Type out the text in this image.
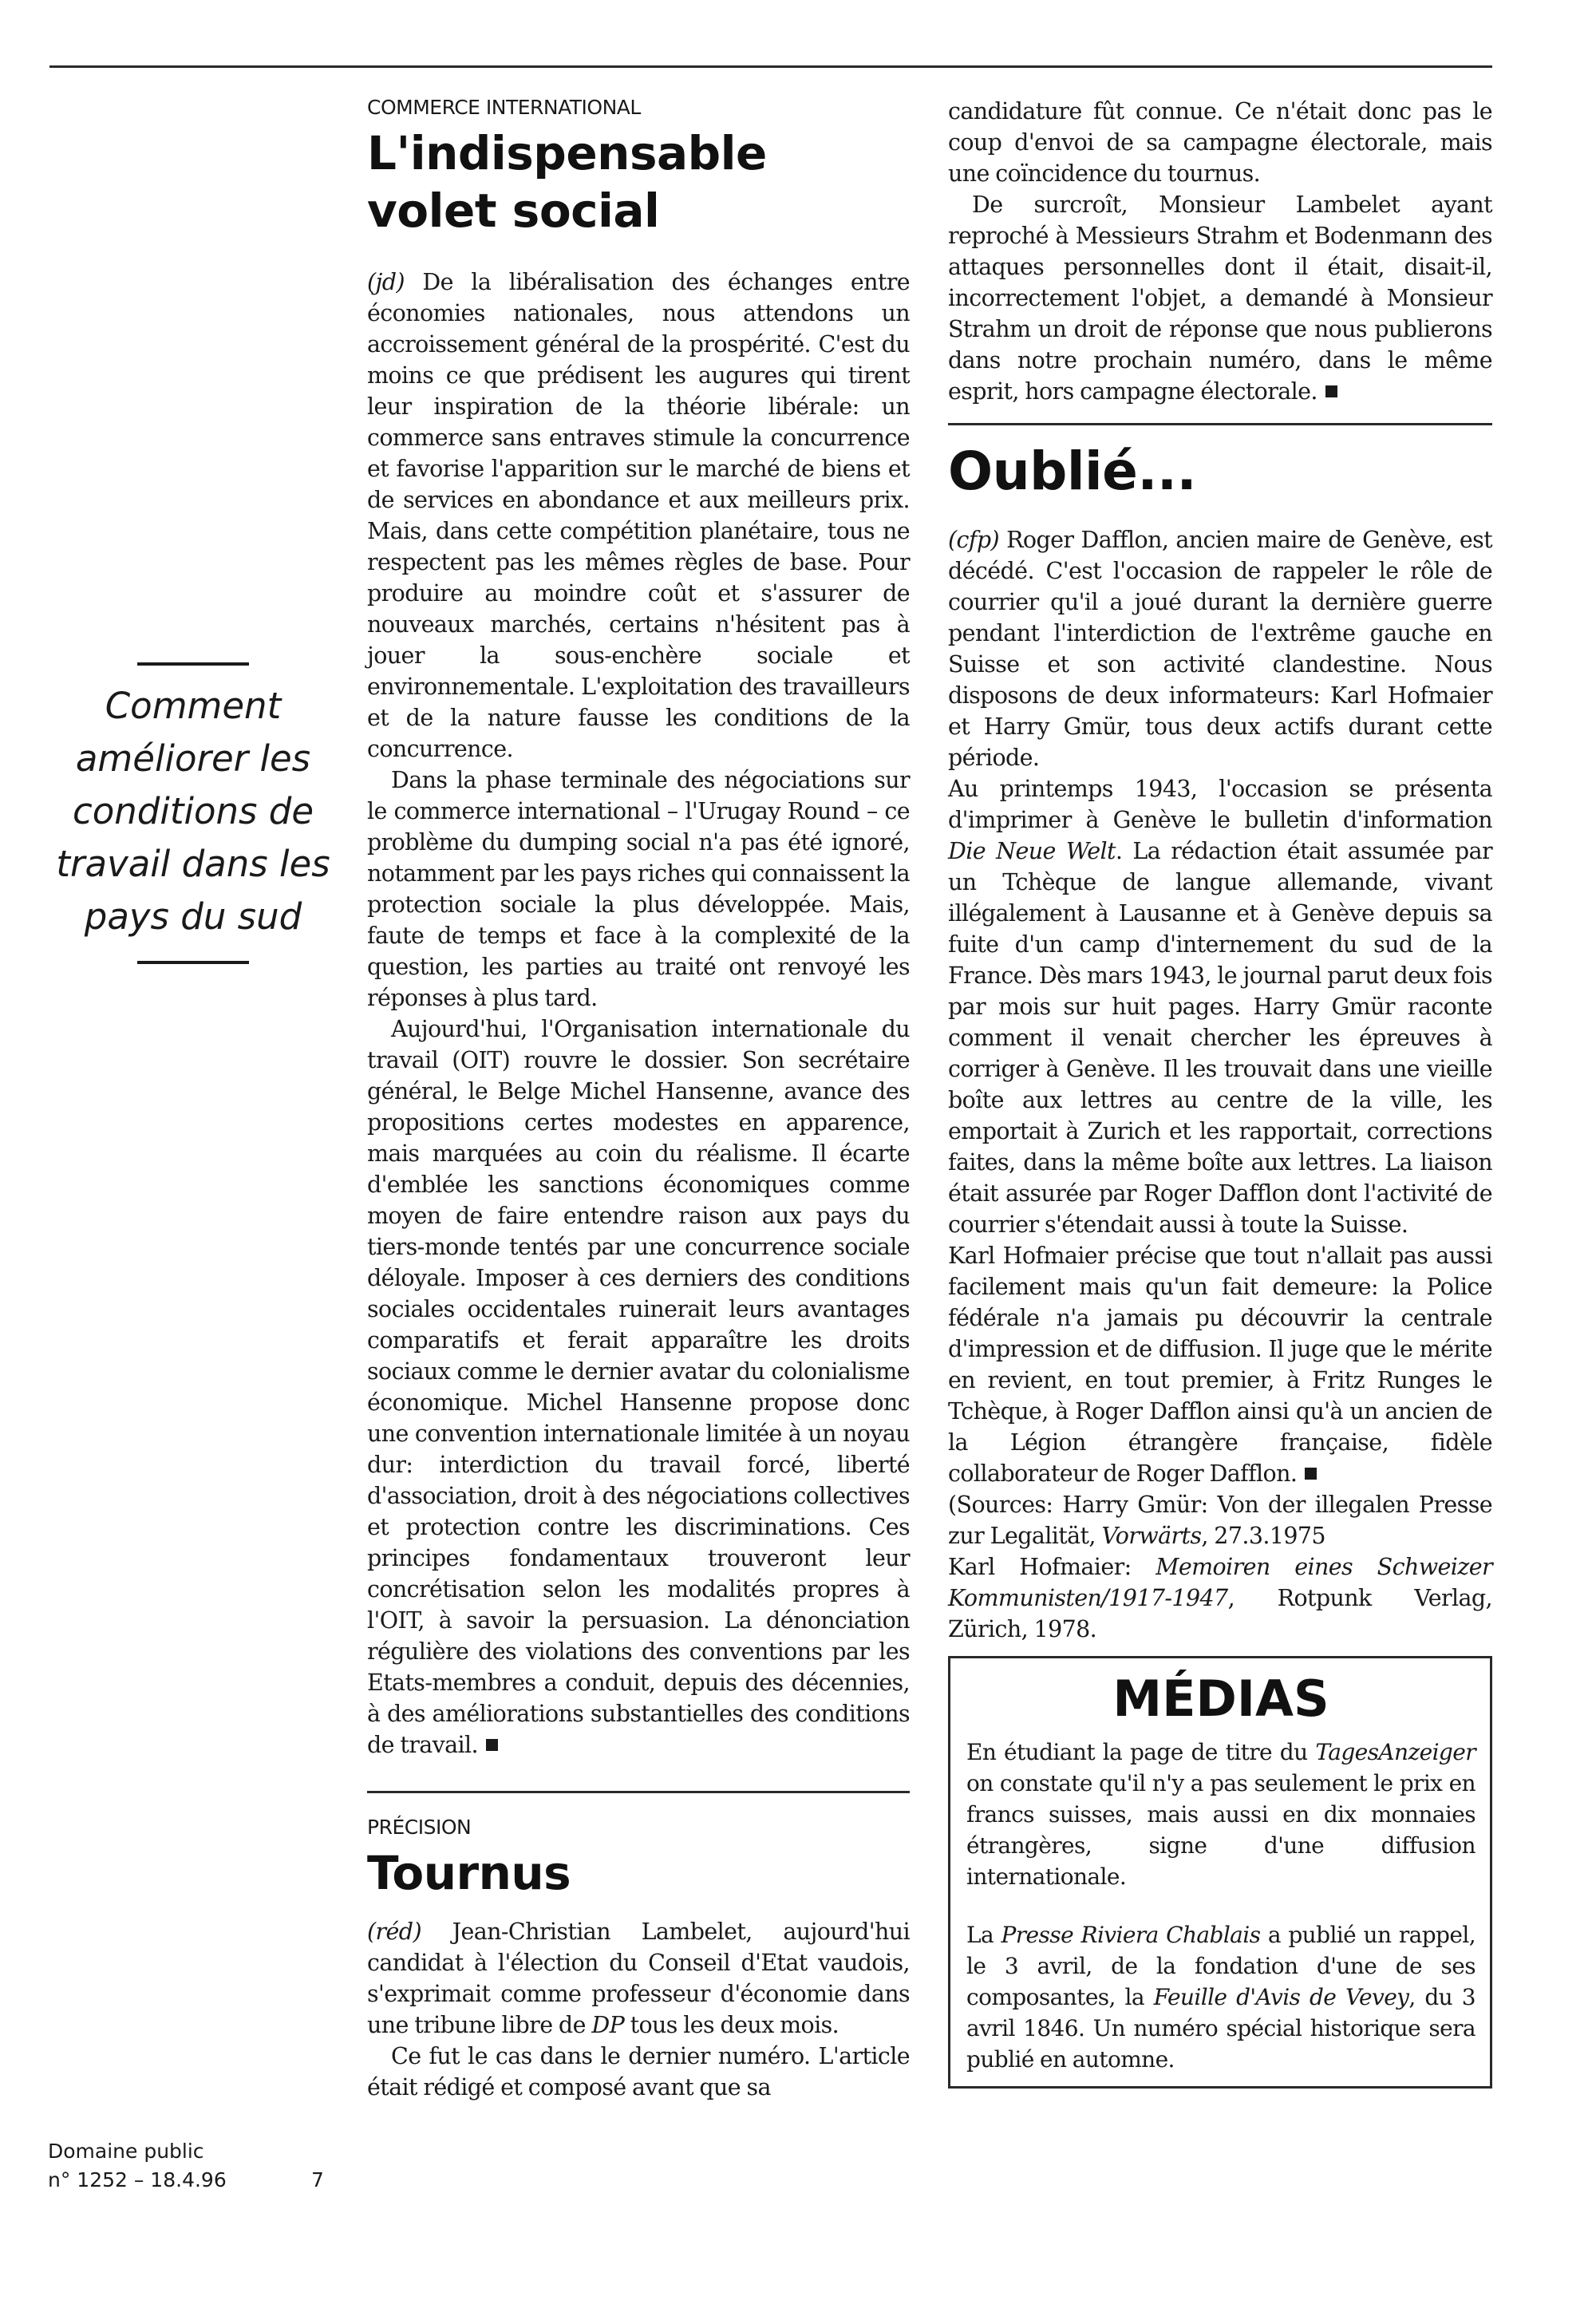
Comment améliorer les conditions de travail dans les pays du sud
Domaine public
n° 1252 – 18.4.96	7
COMMERCE INTERNATIONAL
L'indispensable volet social

(jd) De la libéralisation des échanges entre économies nationales, nous attendons un accroissement général de la prospérité. C'est du moins ce que prédisent les augures qui tirent leur inspiration de la théorie libérale: un commerce sans entraves stimule la concurrence et favorise l'apparition sur le marché de biens et de services en abondance et aux meilleurs prix. Mais, dans cette compétition planétaire, tous ne respectent pas les mêmes règles de base. Pour produire au moindre coût et s'assurer de nouveaux marchés, certains n'hésitent pas à jouer la sous-enchère sociale et environnementale. L'exploitation des travailleurs et de la nature fausse les conditions de la concurrence.

Dans la phase terminale des négociations sur le commerce international – l'Urugay Round – ce problème du dumping social n'a pas été ignoré, notamment par les pays riches qui connaissent la protection sociale la plus développée. Mais, faute de temps et face à la complexité de la question, les parties au traité ont renvoyé les réponses à plus tard.

Aujourd'hui, l'Organisation internationale du travail (OIT) rouvre le dossier. Son secrétaire général, le Belge Michel Hansenne, avance des propositions certes modestes en apparence, mais marquées au coin du réalisme. Il écarte d'emblée les sanctions économiques comme moyen de faire entendre raison aux pays du tiers-monde tentés par une concurrence sociale déloyale. Imposer à ces derniers des conditions sociales occidentales ruinerait leurs avantages comparatifs et ferait apparaître les droits sociaux comme le dernier avatar du colonialisme économique. Michel Hansenne propose donc une convention internationale limitée à un noyau dur: interdiction du travail forcé, liberté d'association, droit à des négociations collectives et protection contre les discriminations. Ces principes fondamentaux trouveront leur concrétisation selon les modalités propres à l'OIT, à savoir la persuasion. La dénonciation régulière des violations des conventions par les Etats-membres a conduit, depuis des décennies, à des améliorations substantielles des conditions de travail.

PRÉCISION
Tournus

(réd) Jean-Christian Lambelet, aujourd'hui candidat à l'élection du Conseil d'Etat vaudois, s'exprimait comme professeur d'économie dans une tribune libre de DP tous les deux mois.

Ce fut le cas dans le dernier numéro. L'article était rédigé et composé avant que sa

candidature fût connue. Ce n'était donc pas le coup d'envoi de sa campagne électorale, mais une coïncidence du tournus.

De surcroît, Monsieur Lambelet ayant reproché à Messieurs Strahm et Bodenmann des attaques personnelles dont il était, disait-il, incorrectement l'objet, a demandé à Monsieur Strahm un droit de réponse que nous publierons dans notre prochain numéro, dans le même esprit, hors campagne électorale.

Oublié...

(cfp) Roger Dafflon, ancien maire de Genève, est décédé. C'est l'occasion de rappeler le rôle de courrier qu'il a joué durant la dernière guerre pendant l'interdiction de l'extrême gauche en Suisse et son activité clandestine. Nous disposons de deux informateurs: Karl Hofmaier et Harry Gmür, tous deux actifs durant cette période.

Au printemps 1943, l'occasion se présenta d'imprimer à Genève le bulletin d'information Die Neue Welt. La rédaction était assumée par un Tchèque de langue allemande, vivant illégalement à Lausanne et à Genève depuis sa fuite d'un camp d'internement du sud de la France. Dès mars 1943, le journal parut deux fois par mois sur huit pages. Harry Gmür raconte comment il venait chercher les épreuves à corriger à Genève. Il les trouvait dans une vieille boîte aux lettres au centre de la ville, les emportait à Zurich et les rapportait, corrections faites, dans la même boîte aux lettres. La liaison était assurée par Roger Dafflon dont l'activité de courrier s'étendait aussi à toute la Suisse.

Karl Hofmaier précise que tout n'allait pas aussi facilement mais qu'un fait demeure: la Police fédérale n'a jamais pu découvrir la centrale d'impression et de diffusion. Il juge que le mérite en revient, en tout premier, à Fritz Runges le Tchèque, à Roger Dafflon ainsi qu'à un ancien de la Légion étrangère française, fidèle collaborateur de Roger Dafflon.

(Sources: Harry Gmür: Von der illegalen Presse zur Legalität, Vorwärts, 27.3.1975

Karl Hofmaier: Memoiren eines Schweizer Kommunisten/1917-1947, Rotpunk Verlag, Zürich, 1978.

MÉDIAS

En étudiant la page de titre du TagesAnzeiger on constate qu'il n'y a pas seulement le prix en francs suisses, mais aussi en dix monnaies étrangères, signe d'une diffusion internationale.

La Presse Riviera Chablais a publié un rappel, le 3 avril, de la fondation d'une de ses composantes, la Feuille d'Avis de Vevey, du 3 avril 1846. Un numéro spécial historique sera publié en automne.
